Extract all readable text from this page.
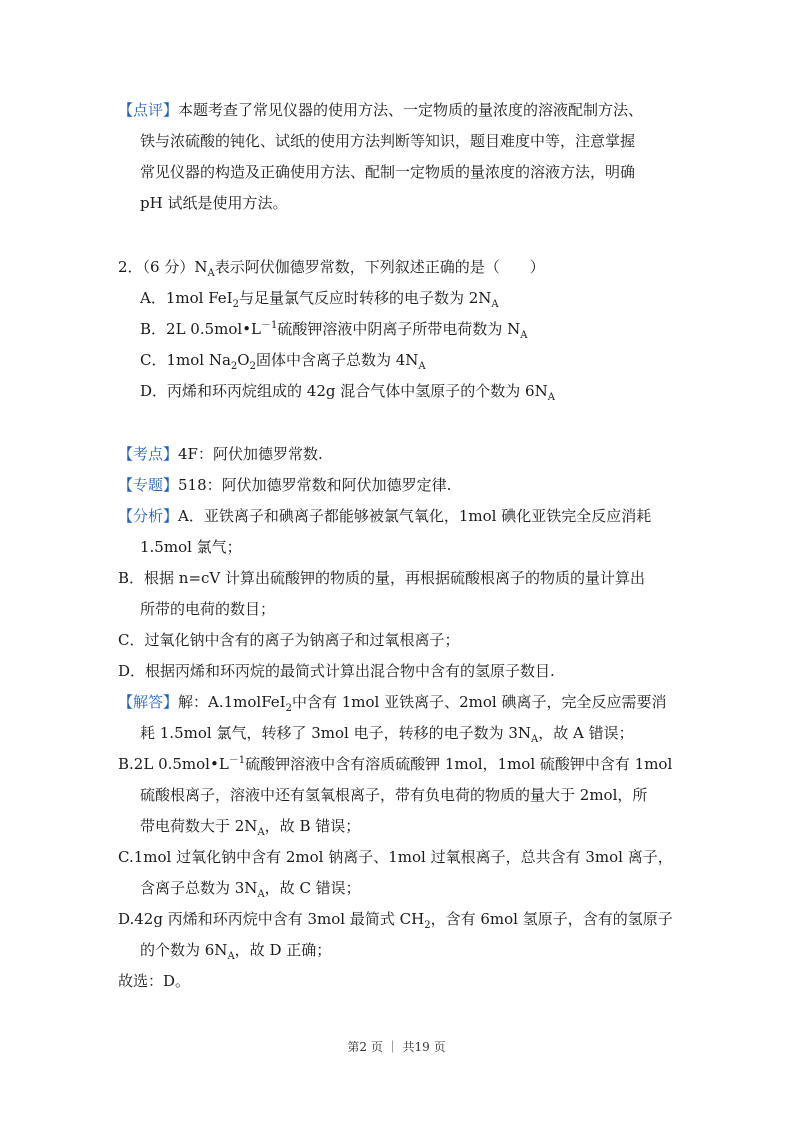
【点评】本题考查了常见仪器的使用方法、一定物质的量浓度的溶液配制方法、
铁与浓硫酸的钝化、试纸的使用方法判断等知识，题目难度中等，注意掌握
常见仪器的构造及正确使用方法、配制一定物质的量浓度的溶液方法，明确
pH 试纸是使用方法。
2．（6 分）$N_A$表示阿伏伽德罗常数，下列叙述正确的是（　　）
A．1mol FeI$_2$与足量氯气反应时转移的电子数为 $2N_A$
B．2L $0.5mol•L^{-1}$硫酸钾溶液中阴离子所带电荷数为 $N_A$
C．1mol $Na_2O_2$固体中含离子总数为 $4N_A$
D．丙烯和环丙烷组成的 42g 混合气体中氢原子的个数为 $6N_A$
【考点】4F：阿伏加德罗常数.
【专题】518：阿伏加德罗常数和阿伏加德罗定律.
【分析】A．亚铁离子和碘离子都能够被氯气氧化，1mol 碘化亚铁完全反应消耗
1.5mol 氯气；
B．根据 n=cV 计算出硫酸钾的物质的量，再根据硫酸根离子的物质的量计算出
所带的电荷的数目；
C．过氧化钠中含有的离子为钠离子和过氧根离子；
D．根据丙烯和环丙烷的最简式计算出混合物中含有的氢原子数目.
【解答】解：A.1molFeI$_2$中含有 1mol 亚铁离子、2mol 碘离子，完全反应需要消
耗 1.5mol 氯气，转移了 3mol 电子，转移的电子数为 $3N_A$，故 A 错误；
B.2L $0.5mol•L^{-1}$硫酸钾溶液中含有溶质硫酸钾 1mol，1mol 硫酸钾中含有 1mol
硫酸根离子，溶液中还有氢氧根离子，带有负电荷的物质的量大于 2mol，所
带电荷数大于 $2N_A$，故 B 错误；
C.1mol 过氧化钠中含有 2mol 钠离子、1mol 过氧根离子，总共含有 3mol 离子，
含离子总数为 $3N_A$，故 C 错误；
D.42g 丙烯和环丙烷中含有 3mol 最简式 $CH_2$，含有 6mol 氢原子，含有的氢原子
的个数为 $6N_A$，故 D 正确；
故选：D。
第2 页 ｜ 共19 页
